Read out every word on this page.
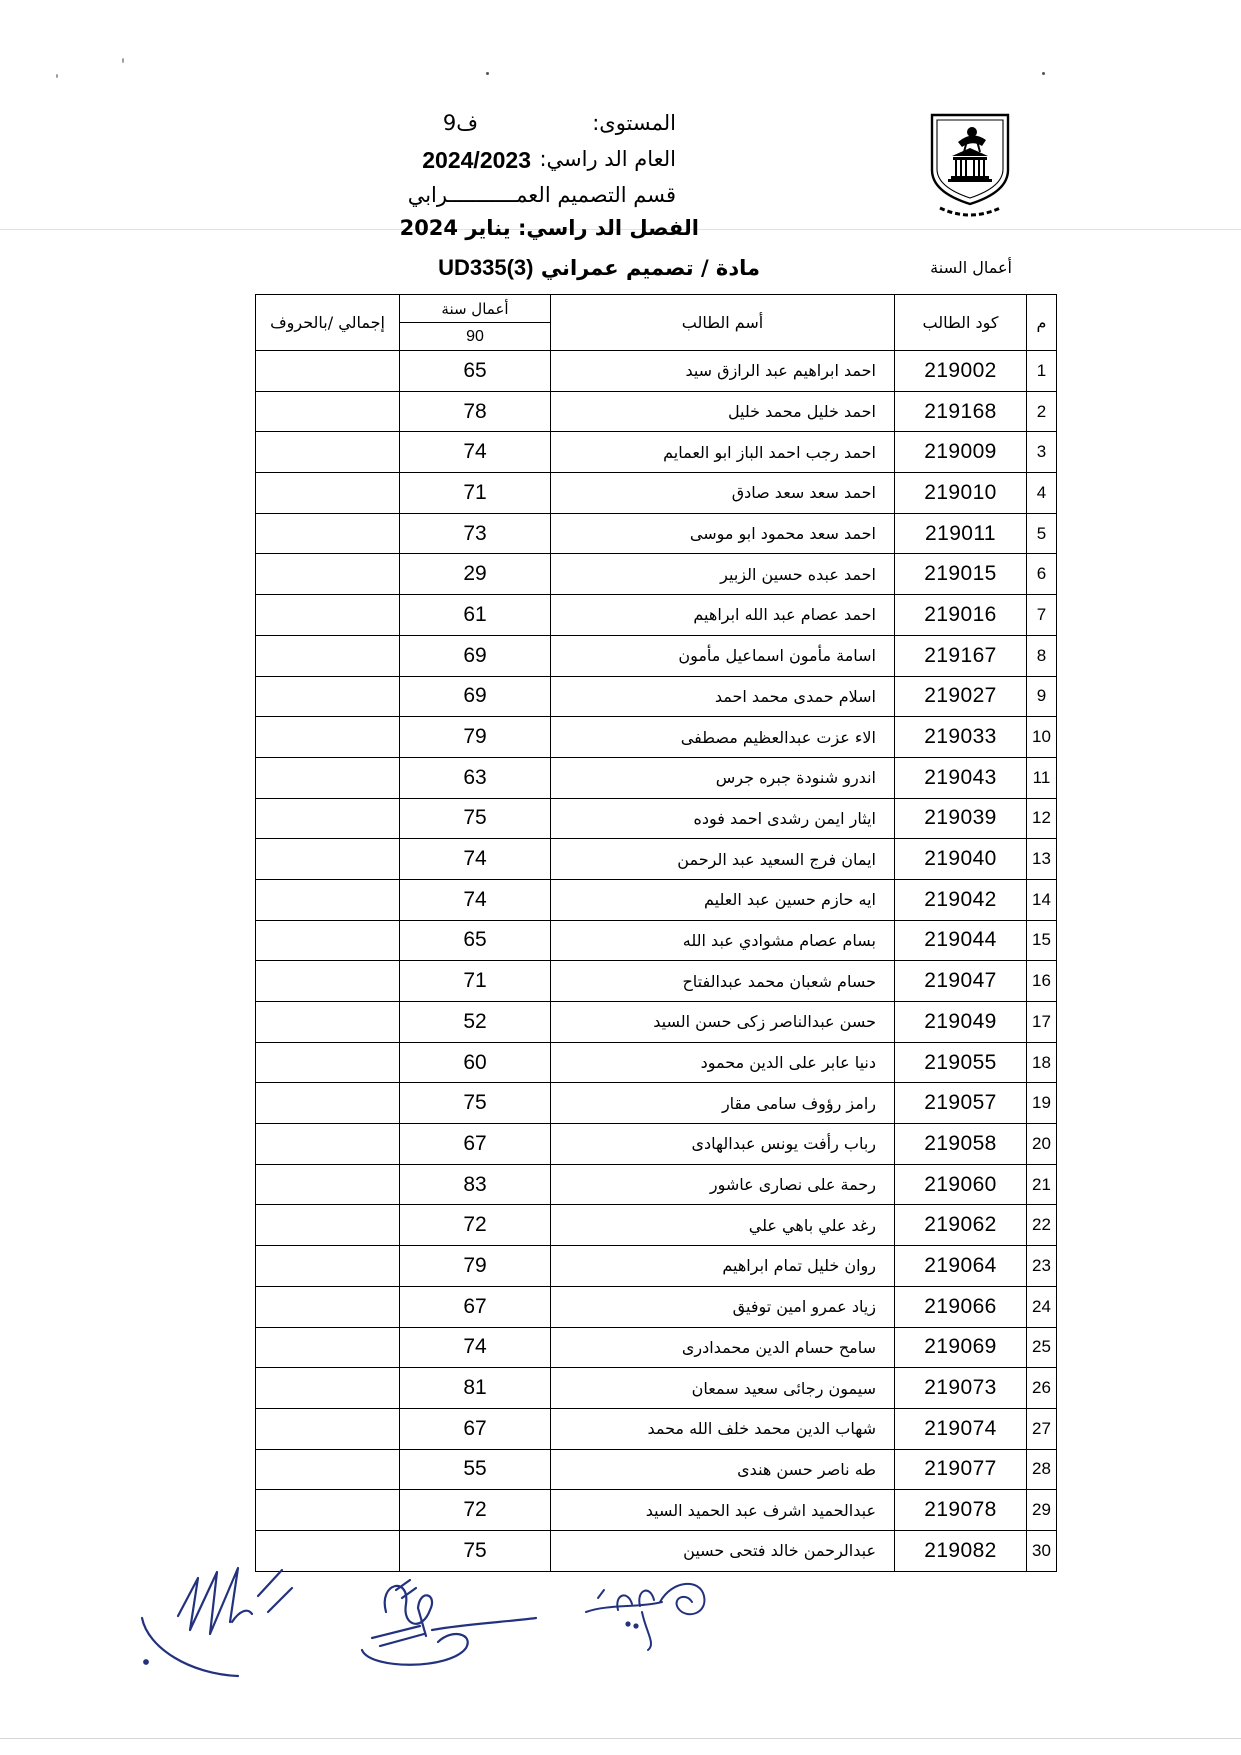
المستوى:
ف9
العام الد راسي:
2024/2023
قسم التصميم العمـــــــــــرابي
الفصل الد راسي: يناير 2024
مادة / تصميم عمراني UD335(3)	أعمال السنة
م	كود الطالب	أسم الطالب	أعمال سنة	إجمالي /بالحروف
			90	
1	219002	احمد ابراهيم عبد الرازق سيد	65	
2	219168	احمد خليل محمد خليل	78	
3	219009	احمد رجب احمد الباز ابو العمايم	74	
4	219010	احمد سعد سعد صادق	71	
5	219011	احمد سعد محمود ابو موسى	73	
6	219015	احمد عبده حسين الزبير	29	
7	219016	احمد عصام عبد الله ابراهيم	61	
8	219167	اسامة مأمون اسماعيل مأمون	69	
9	219027	اسلام حمدى محمد احمد	69	
10	219033	الاء عزت عبدالعظيم مصطفى	79	
11	219043	اندرو شنودة جبره جرس	63	
12	219039	ايثار ايمن رشدى احمد فوده	75	
13	219040	ايمان فرج السعيد عبد الرحمن	74	
14	219042	ايه حازم حسين عبد العليم	74	
15	219044	بسام عصام مشوادي عبد الله	65	
16	219047	حسام شعبان محمد عبدالفتاح	71	
17	219049	حسن عبدالناصر زكى حسن السيد	52	
18	219055	دنيا عابر على الدين محمود	60	
19	219057	رامز رؤوف سامى مقار	75	
20	219058	رباب رأفت يونس عبدالهادى	67	
21	219060	رحمة على نصارى عاشور	83	
22	219062	رغد علي باهي علي	72	
23	219064	روان خليل تمام ابراهيم	79	
24	219066	زياد عمرو امين توفيق	67	
25	219069	سامح حسام الدين محمدادرى	74	
26	219073	سيمون رجائى سعيد سمعان	81	
27	219074	شهاب الدين محمد خلف الله محمد	67	
28	219077	طه ناصر حسن هندى	55	
29	219078	عبدالحميد اشرف عبد الحميد السيد	72	
30	219082	عبدالرحمن خالد فتحى حسين	75	
